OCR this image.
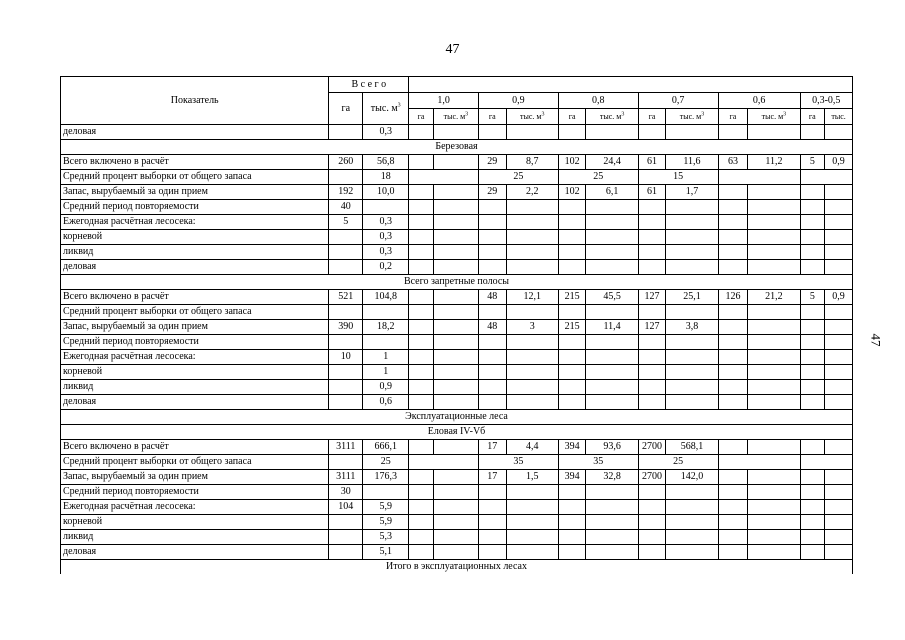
47
47
Показатель	В с е г о													
	га	тыс. $м^3$	1,0		0,9		0,8		0,7		0,6		0,3-0,5	
			га	тыс. $м^3$	га	тыс. $м^3$	га	тыс. $м^3$	га	тыс. $м^3$	га	тыс. $м^3$	га	тыс.
деловая		0,3												
Березовая														
Всего включено в расчёт	260	56,8			29	8,7	102	24,4	61	11,6	63	11,2	5	0,9
Средний процент выборки от общего запаса		18			25		25		15					
Запас, вырубаемый за один прием	192	10,0			29	2,2	102	6,1	61	1,7				
Средний период повторяемости	40													
Ежегодная расчётная лесосека:	5	0,3												
корневой		0,3												
ликвид		0,3												
деловая		0,2												
Всего запретные полосы														
Всего включено в расчёт	521	104,8			48	12,1	215	45,5	127	25,1	126	21,2	5	0,9
Средний процент выборки от общего запаса														
Запас, вырубаемый за один прием	390	18,2			48	3	215	11,4	127	3,8				
Средний период повторяемости														
Ежегодная расчётная лесосека:	10	1												
корневой		1												
ликвид		0,9												
деловая		0,6												
Эксплуатационные леса														
Еловая IV-Vб														
Всего включено в расчёт	3111	666,1			17	4,4	394	93,6	2700	568,1				
Средний процент выборки от общего запаса		25			35		35		25					
Запас, вырубаемый за один прием	3111	176,3			17	1,5	394	32,8	2700	142,0				
Средний период повторяемости	30													
Ежегодная расчётная лесосека:	104	5,9												
корневой		5,9												
ликвид		5,3												
деловая		5,1												
Итого в эксплуатационных лесах														
